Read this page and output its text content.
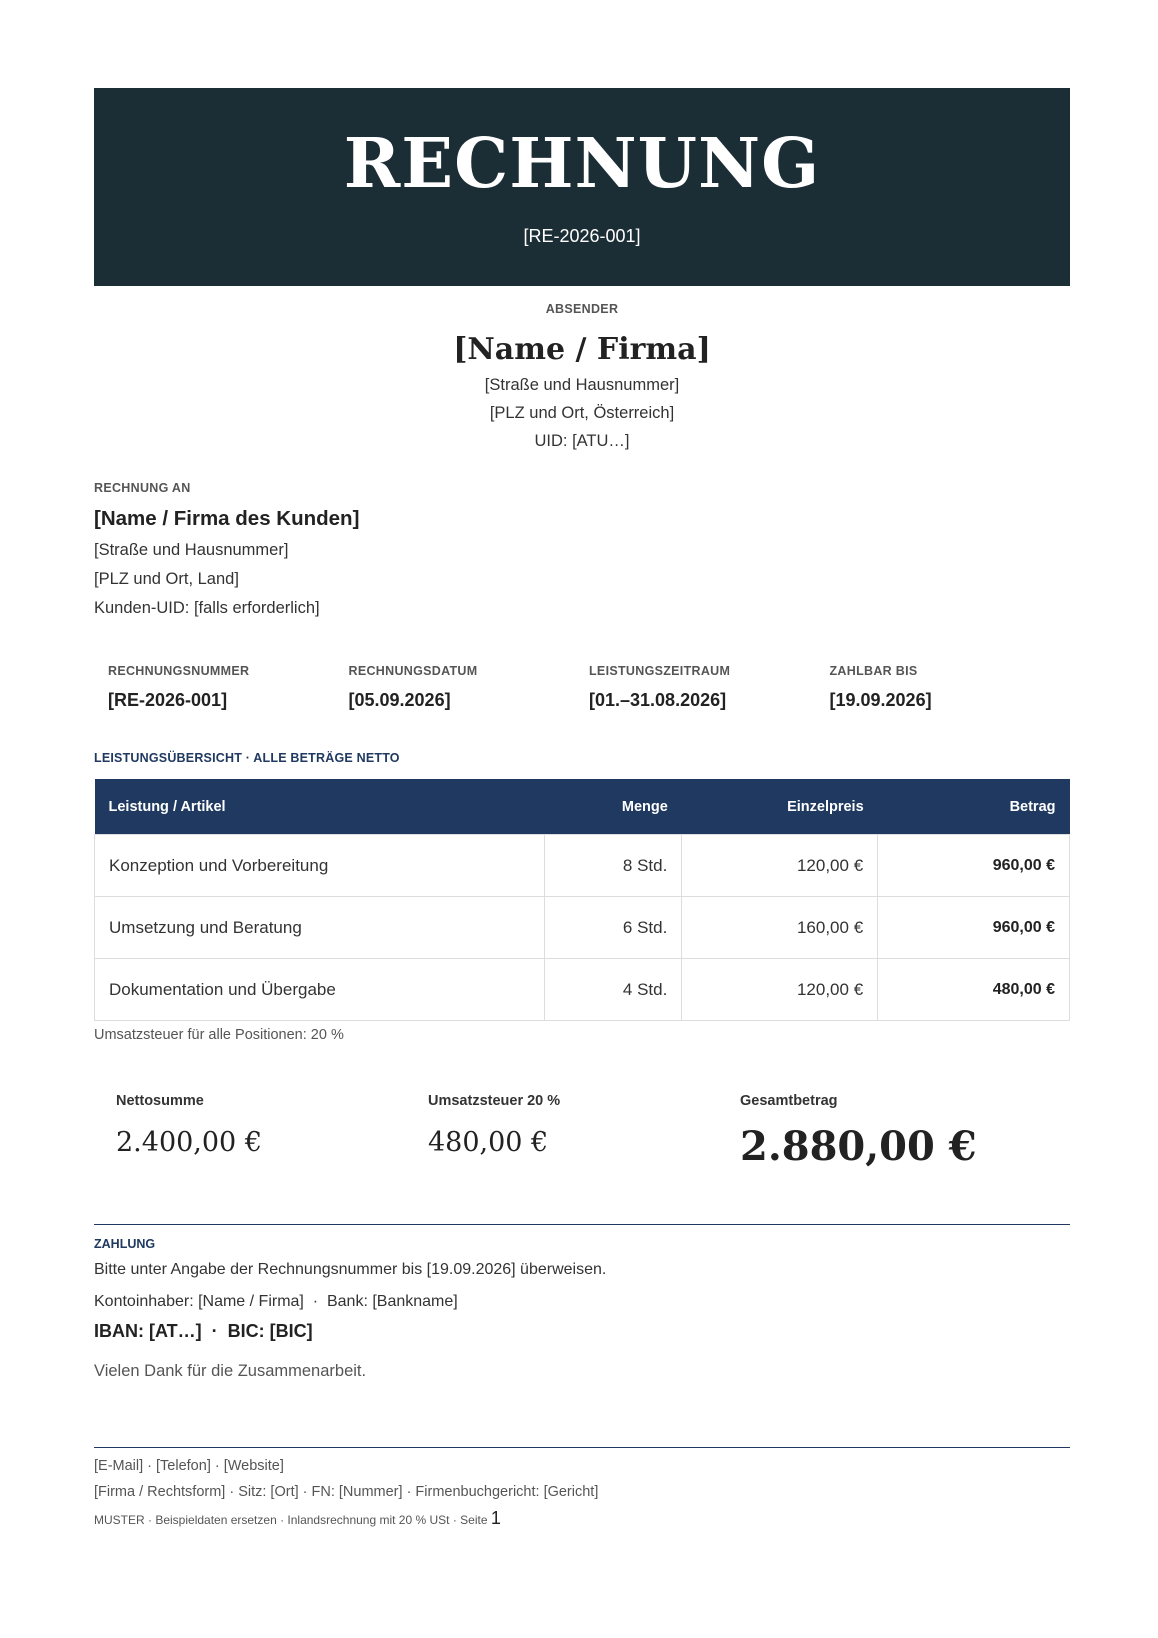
RECHNUNG
[RE-2026-001]
ABSENDER
[Name / Firma]
[Straße und Hausnummer]
[PLZ und Ort, Österreich]
UID: [ATU…]
RECHNUNG AN
[Name / Firma des Kunden]
[Straße und Hausnummer]
[PLZ und Ort, Land]
Kunden-UID: [falls erforderlich]
RECHNUNGSNUMMER
[RE-2026-001]
RECHNUNGSDATUM
[05.09.2026]
LEISTUNGSZEITRAUM
[01.–31.08.2026]
ZAHLBAR BIS
[19.09.2026]
LEISTUNGSÜBERSICHT · ALLE BETRÄGE NETTO
Leistung / Artikel	Menge	Einzelpreis	Betrag
Konzeption und Vorbereitung	8 Std.	120,00 €	960,00 €
Umsetzung und Beratung	6 Std.	160,00 €	960,00 €
Dokumentation und Übergabe	4 Std.	120,00 €	480,00 €
Umsatzsteuer für alle Positionen: 20 %
Nettosumme
2.400,00 €
Umsatzsteuer 20 %
480,00 €
Gesamtbetrag
2.880,00 €
ZAHLUNG
Bitte unter Angabe der Rechnungsnummer bis [19.09.2026] überweisen.
Kontoinhaber: [Name / Firma]  ·  Bank: [Bankname]
IBAN: [AT…]  ·  BIC: [BIC]
Vielen Dank für die Zusammenarbeit.
[E-Mail] · [Telefon] · [Website]
[Firma / Rechtsform] · Sitz: [Ort] · FN: [Nummer] · Firmenbuchgericht: [Gericht]
MUSTER · Beispieldaten ersetzen · Inlandsrechnung mit 20 % USt · Seite 1
